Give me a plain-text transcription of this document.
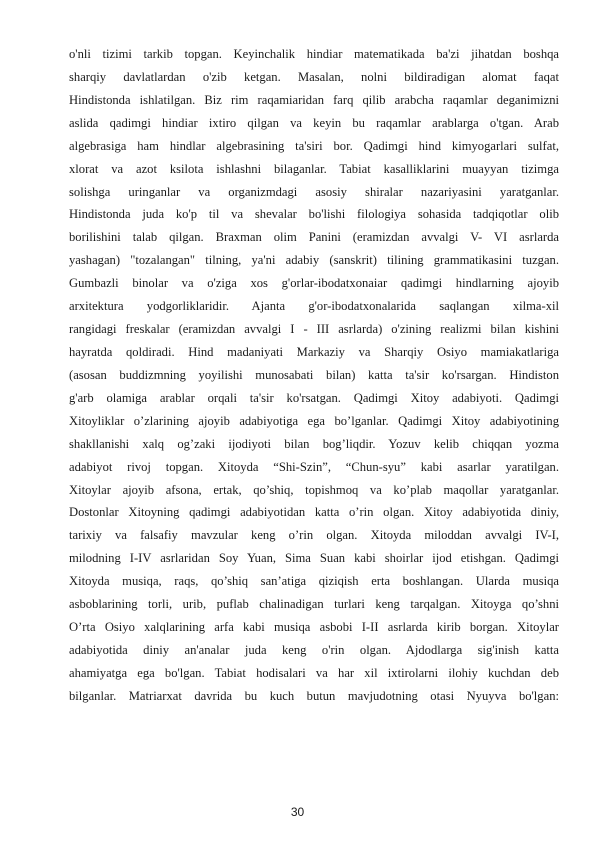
o'nli tizimi tarkib topgan. Keyinchalik hindiar matematikada ba'zi jihatdan boshqa
sharqiy davlatlardan o'zib ketgan. Masalan, nolni bildiradigan alomat faqat
Hindistonda ishlatilgan. Biz rim raqamiaridan farq qilib arabcha raqamlar deganimizni
aslida qadimgi hindiar ixtiro qilgan va keyin bu raqamlar arablarga o'tgan. Arab
algebrasiga ham hindlar algebrasining ta'siri bor. Qadimgi hind kimyogarlari sulfat,
xlorat va azot ksilota ishlashni bilaganlar. Tabiat kasalliklarini muayyan tizimga
solishga uringanlar va organizmdagi asosiy shiralar nazariyasini yaratganlar.
Hindistonda juda ko'p til va shevalar bo'lishi filologiya sohasida tadqiqotlar olib
borilishini talab qilgan. Braxman olim Panini (eramizdan avvalgi V- VI asrlarda
yashagan) "tozalangan" tilning, ya'ni adabiy (sanskrit) tilining grammatikasini tuzgan.
Gumbazli binolar va o'ziga xos g'orlar-ibodatxonaiar qadimgi hindlarning ajoyib
arxitektura yodgorliklaridir. Ajanta g'or-ibodatxonalarida saqlangan xilma-xil
rangidagi freskalar (eramizdan avvalgi I - III asrlarda) o'zining realizmi bilan kishini
hayratda qoldiradi. Hind madaniyati Markaziy va Sharqiy Osiyo mamiakatlariga
(asosan buddizmning yoyilishi munosabati bilan) katta ta'sir ko'rsargan. Hindiston
g'arb olamiga arablar orqali ta'sir ko'rsatgan. Qadimgi Xitoy adabiyoti. Qadimgi
Xitoyliklar o’zlarining ajoyib adabiyotiga ega bo’lganlar. Qadimgi Xitoy adabiyotining
shakllanishi xalq og’zaki ijodiyoti bilan bog’liqdir. Yozuv kelib chiqqan yozma
adabiyot rivoj topgan. Xitoyda “Shi-Szin”, “Chun-syu” kabi asarlar yaratilgan.
Xitoylar ajoyib afsona, ertak, qo’shiq, topishmoq va ko’plab maqollar yaratganlar.
Dostonlar Xitoyning qadimgi adabiyotidan katta o’rin olgan. Xitoy adabiyotida diniy,
tarixiy va falsafiy mavzular keng o’rin olgan. Xitoyda miloddan avvalgi IV-I,
milodning I-IV asrlaridan Soy Yuan, Sima Suan kabi shoirlar ijod etishgan. Qadimgi
Xitoyda musiqa, raqs, qo’shiq san’atiga qiziqish erta boshlangan. Ularda musiqa
asboblarining torli, urib, puflab chalinadigan turlari keng tarqalgan. Xitoyga qo’shni
O’rta Osiyo xalqlarining arfa kabi musiqa asbobi I-II asrlarda kirib borgan. Xitoylar
adabiyotida diniy an'analar juda keng o'rin olgan. Ajdodlarga sig'inish katta
ahamiyatga ega bo'lgan. Tabiat hodisalari va har xil ixtirolarni ilohiy kuchdan deb
bilganlar. Matriarxat davrida bu kuch butun mavjudotning otasi Nyuyva bo'lgan:
30
